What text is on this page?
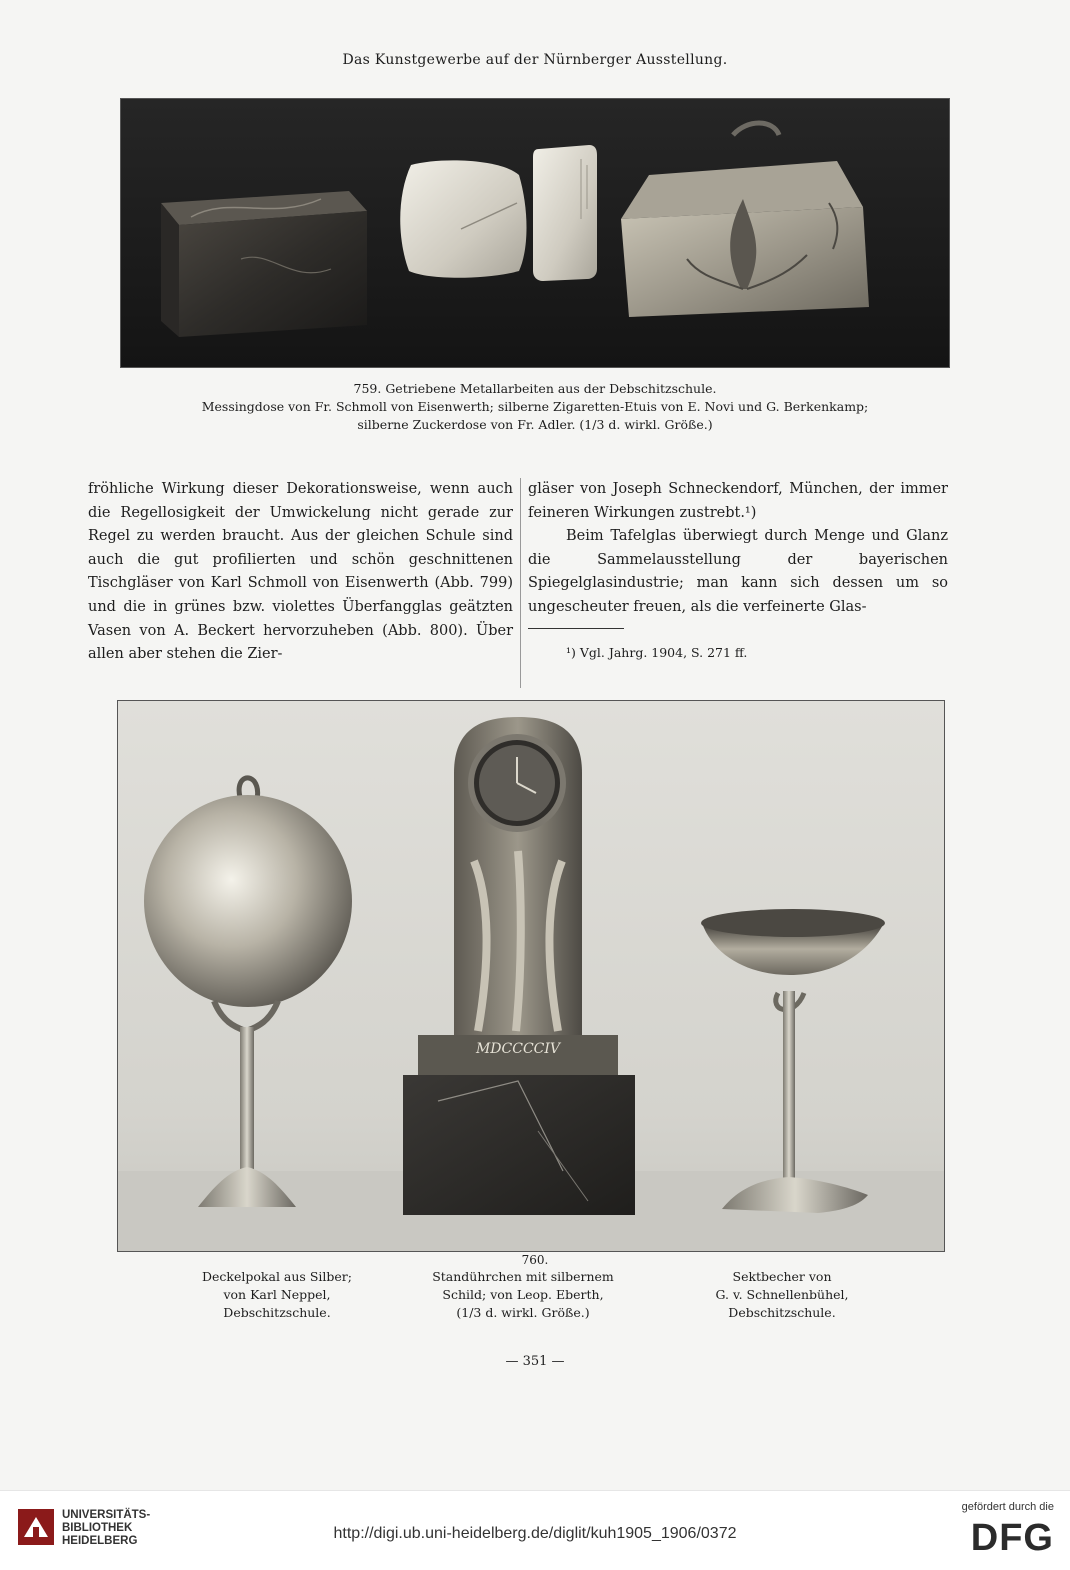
Das Kunstgewerbe auf der Nürnberger Ausstellung.
759. Getriebene Metallarbeiten aus der Debschitzschule.
Messingdose von Fr. Schmoll von Eisenwerth; silberne Zigaretten-Etuis von E. Novi und G. Berkenkamp;
silberne Zuckerdose von Fr. Adler. (1/3 d. wirkl. Größe.)

fröhliche Wirkung dieser Dekorationsweise, wenn auch die Regellosigkeit der Umwickelung nicht gerade zur Regel zu werden braucht. Aus der gleichen Schule sind auch die gut profilierten und schön geschnittenen Tischgläser von Karl Schmoll von Eisenwerth (Abb. 799) und die in grünes bzw. violettes Überfangglas geätzten Vasen von A. Beckert hervorzuheben (Abb. 800). Über allen aber stehen die Zier-

gläser von Joseph Schneckendorf, München, der immer feineren Wirkungen zustrebt.¹)

Beim Tafelglas überwiegt durch Menge und Glanz die Sammelausstellung der bayerischen Spiegelglasindustrie; man kann sich dessen um so ungescheuter freuen, als die verfeinerte Glas-

¹) Vgl. Jahrg. 1904, S. 271 ff.
MDCCCCIV
760.
Deckelpokal aus Silber;
von Karl Neppel,
Debschitzschule.
Standührchen mit silbernem
Schild; von Leop. Eberth,
(1/3 d. wirkl. Größe.)
Sektbecher von
G. v. Schnellenbühel,
Debschitzschule.
— 351 —
UNIVERSITÄTS-
BIBLIOTHEK
HEIDELBERG	http://digi.ub.uni-heidelberg.de/diglit/kuh1905_1906/0372
gefördert durch die
DFG
